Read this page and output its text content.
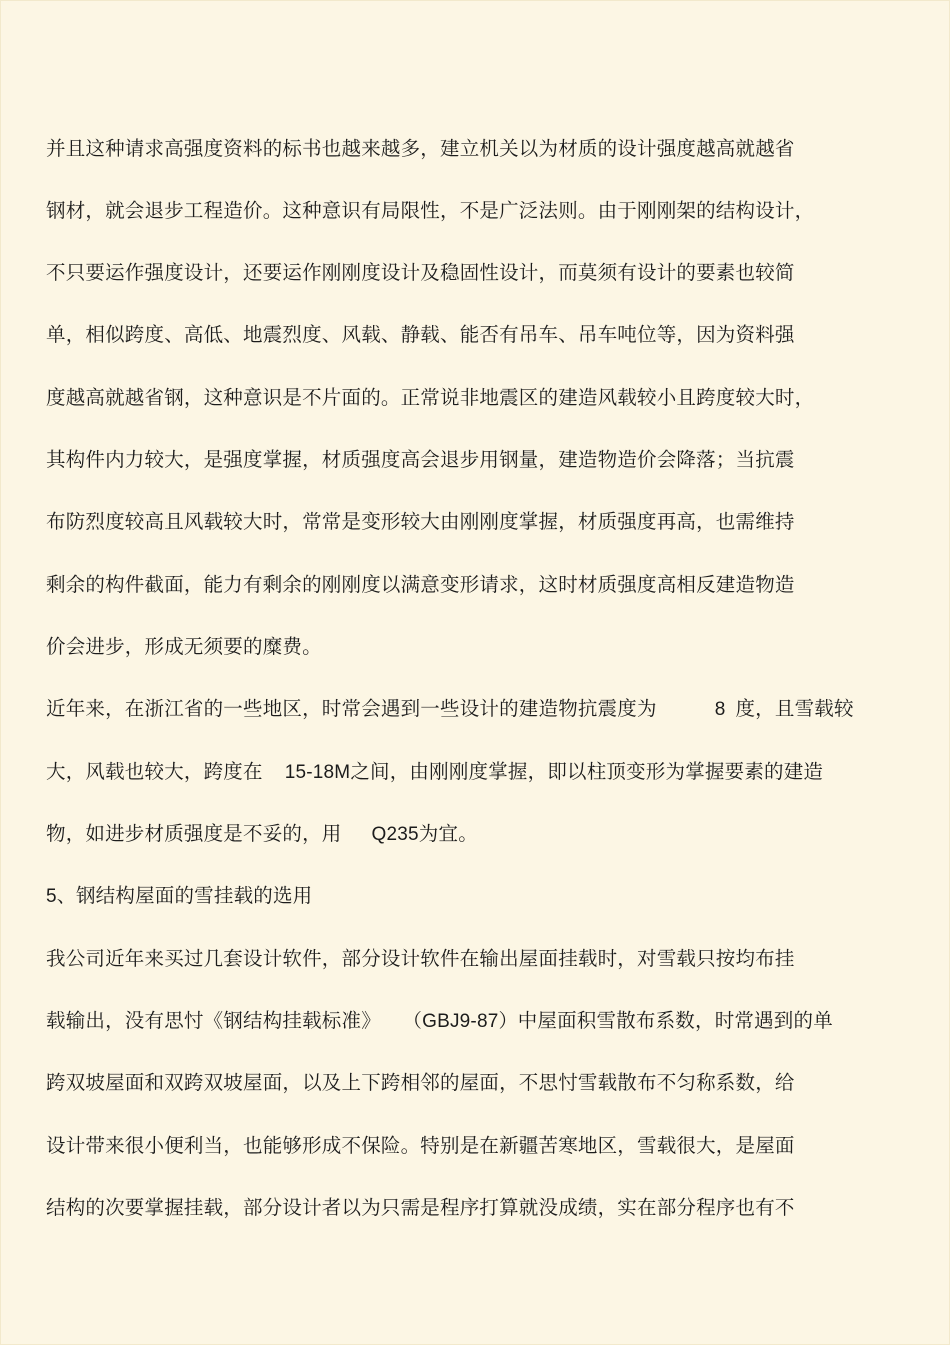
并且这种请求高强度资料的标书也越来越多，建立机关以为材质的设计强度越高就越省
钢材，就会退步工程造价。这种意识有局限性，不是广泛法则。由于刚刚架的结构设计，
不只要运作强度设计，还要运作刚刚度设计及稳固性设计，而莫须有设计的要素也较简
单，相似跨度、高低、地震烈度、风载、静载、能否有吊车、吊车吨位等，因为资料强
度越高就越省钢，这种意识是不片面的。正常说非地震区的建造风载较小且跨度较大时，
其构件内力较大，是强度掌握，材质强度高会退步用钢量，建造物造价会降落；当抗震
布防烈度较高且风载较大时，常常是变形较大由刚刚度掌握，材质强度再高，也需维持
剩余的构件截面，能力有剩余的刚刚度以满意变形请求，这时材质强度高相反建造物造
价会进步，形成无须要的糜费。
近年来，在浙江省的一些地区，时常会遇到一些设计的建造物抗震度为	8 度，且雪载较
大，风载也较大，跨度在 15-18M之间，由刚刚度掌握，即以柱顶变形为掌握要素的建造
物，如进步材质强度是不妥的，用 Q235为宜。
5、钢结构屋面的雪挂载的选用
我公司近年来买过几套设计软件，部分设计软件在输出屋面挂载时，对雪载只按均布挂
载输出，没有思忖《钢结构挂载标准》 （GBJ9-87）中屋面积雪散布系数，时常遇到的单
跨双坡屋面和双跨双坡屋面，以及上下跨相邻的屋面，不思忖雪载散布不匀称系数，给
设计带来很小便利当，也能够形成不保险。特别是在新疆苦寒地区，雪载很大，是屋面
结构的次要掌握挂载，部分设计者以为只需是程序打算就没成绩，实在部分程序也有不
